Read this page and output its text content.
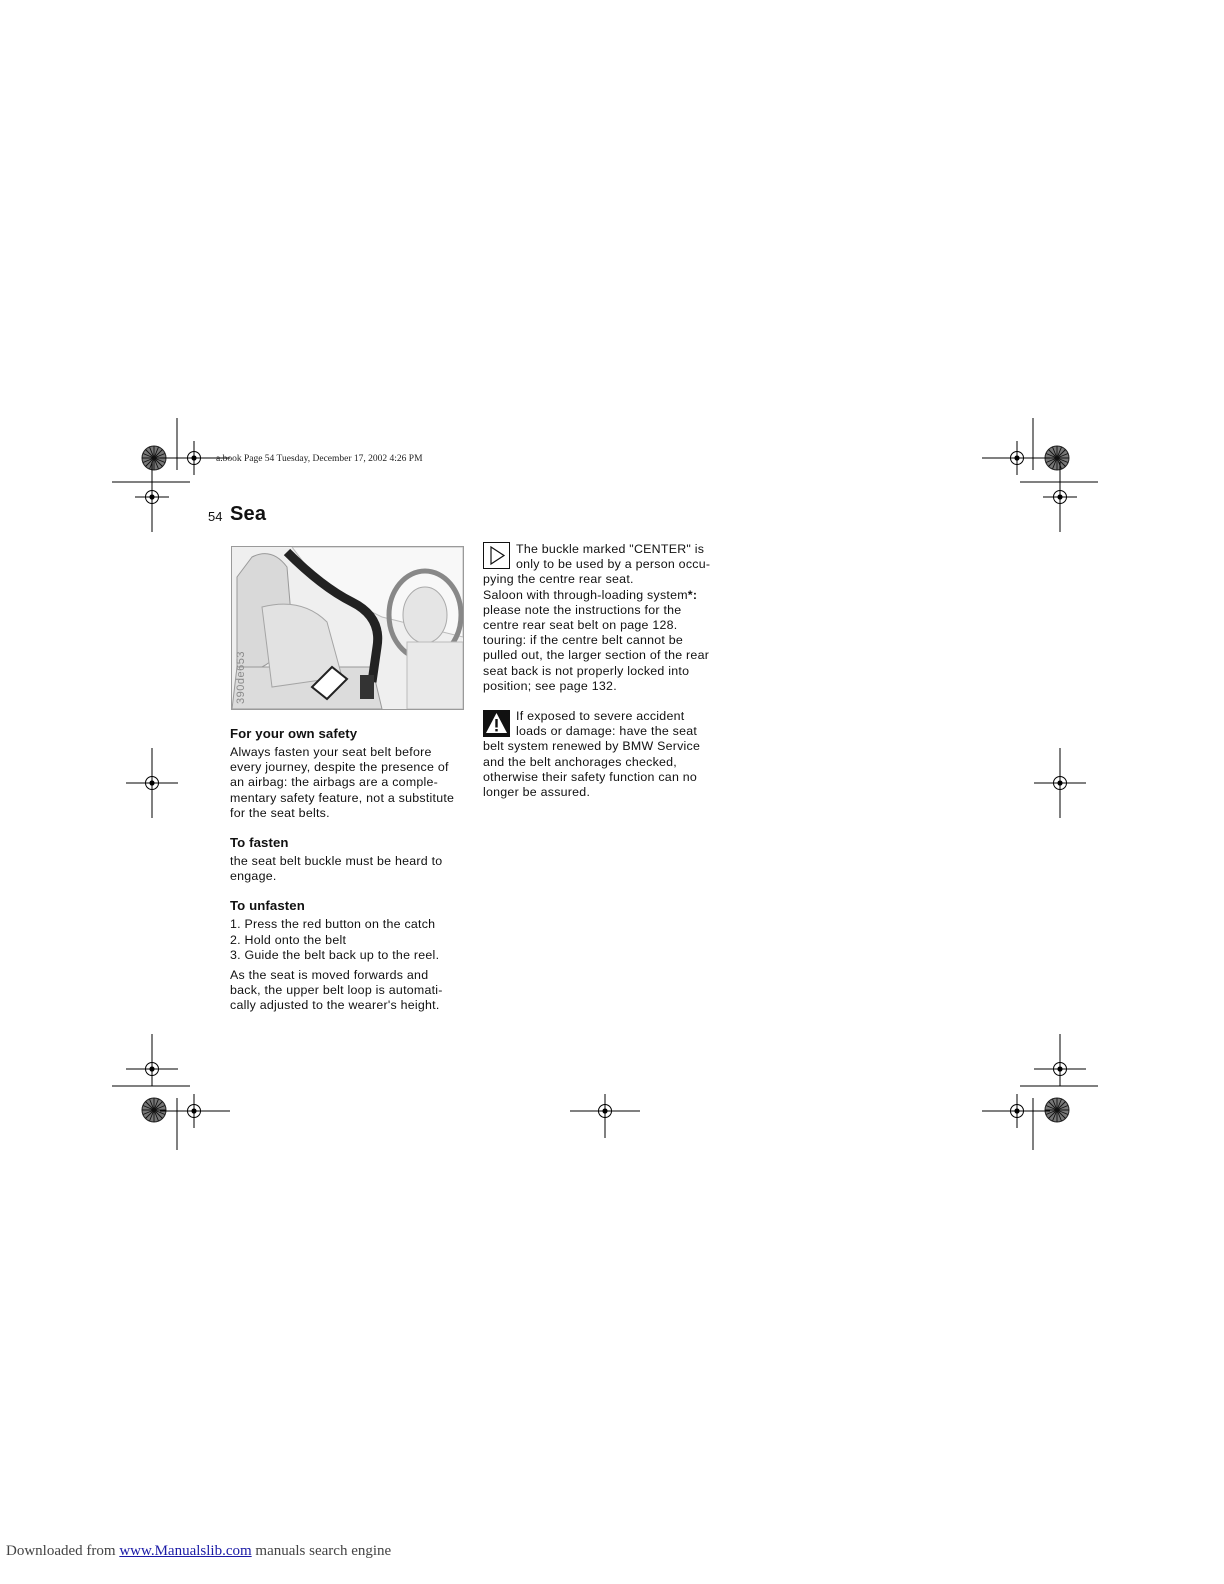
a.book Page 54 Tuesday, December 17, 2002 4:26 PM
54 Sea
390de653

For your own safety

Always fasten your seat belt before

every journey, despite the presence of

an airbag: the airbags are a comple-

mentary safety feature, not a substitute

for the seat belts.

To fasten

the seat belt buckle must be heard to

engage.

To unfasten

1. Press the red button on the catch

2. Hold onto the belt

3. Guide the belt back up to the reel.

As the seat is moved forwards and

back, the upper belt loop is automati-

cally adjusted to the wearer's height.

The buckle marked "CENTER" is

only to be used by a person occu-

pying the centre rear seat.

Saloon with through-loading system*:

please note the instructions for the

centre rear seat belt on page 128.

touring: if the centre belt cannot be

pulled out, the larger section of the rear

seat back is not properly locked into

position; see page 132.

If exposed to severe accident

loads or damage: have the seat

belt system renewed by BMW Service

and the belt anchorages checked,

otherwise their safety function can no

longer be assured.

Downloaded from www.Manualslib.com manuals search engine
